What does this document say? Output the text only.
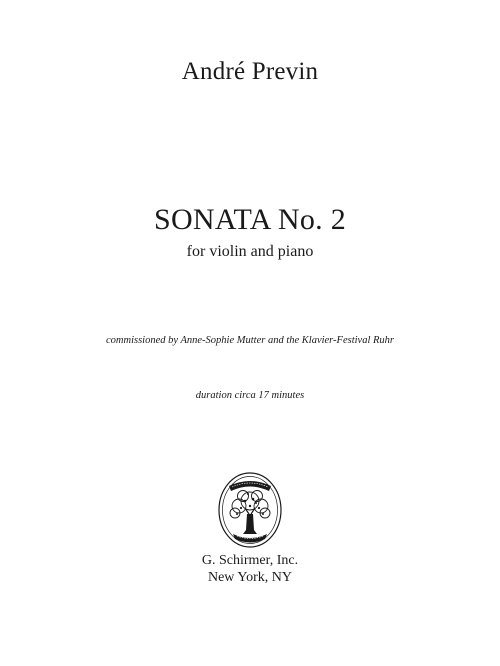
André Previn
SONATA No. 2
for violin and piano
commissioned by Anne-Sophie Mutter and the Klavier-Festival Ruhr
duration circa 17 minutes
G. Schirmer, Inc.
New York, NY
